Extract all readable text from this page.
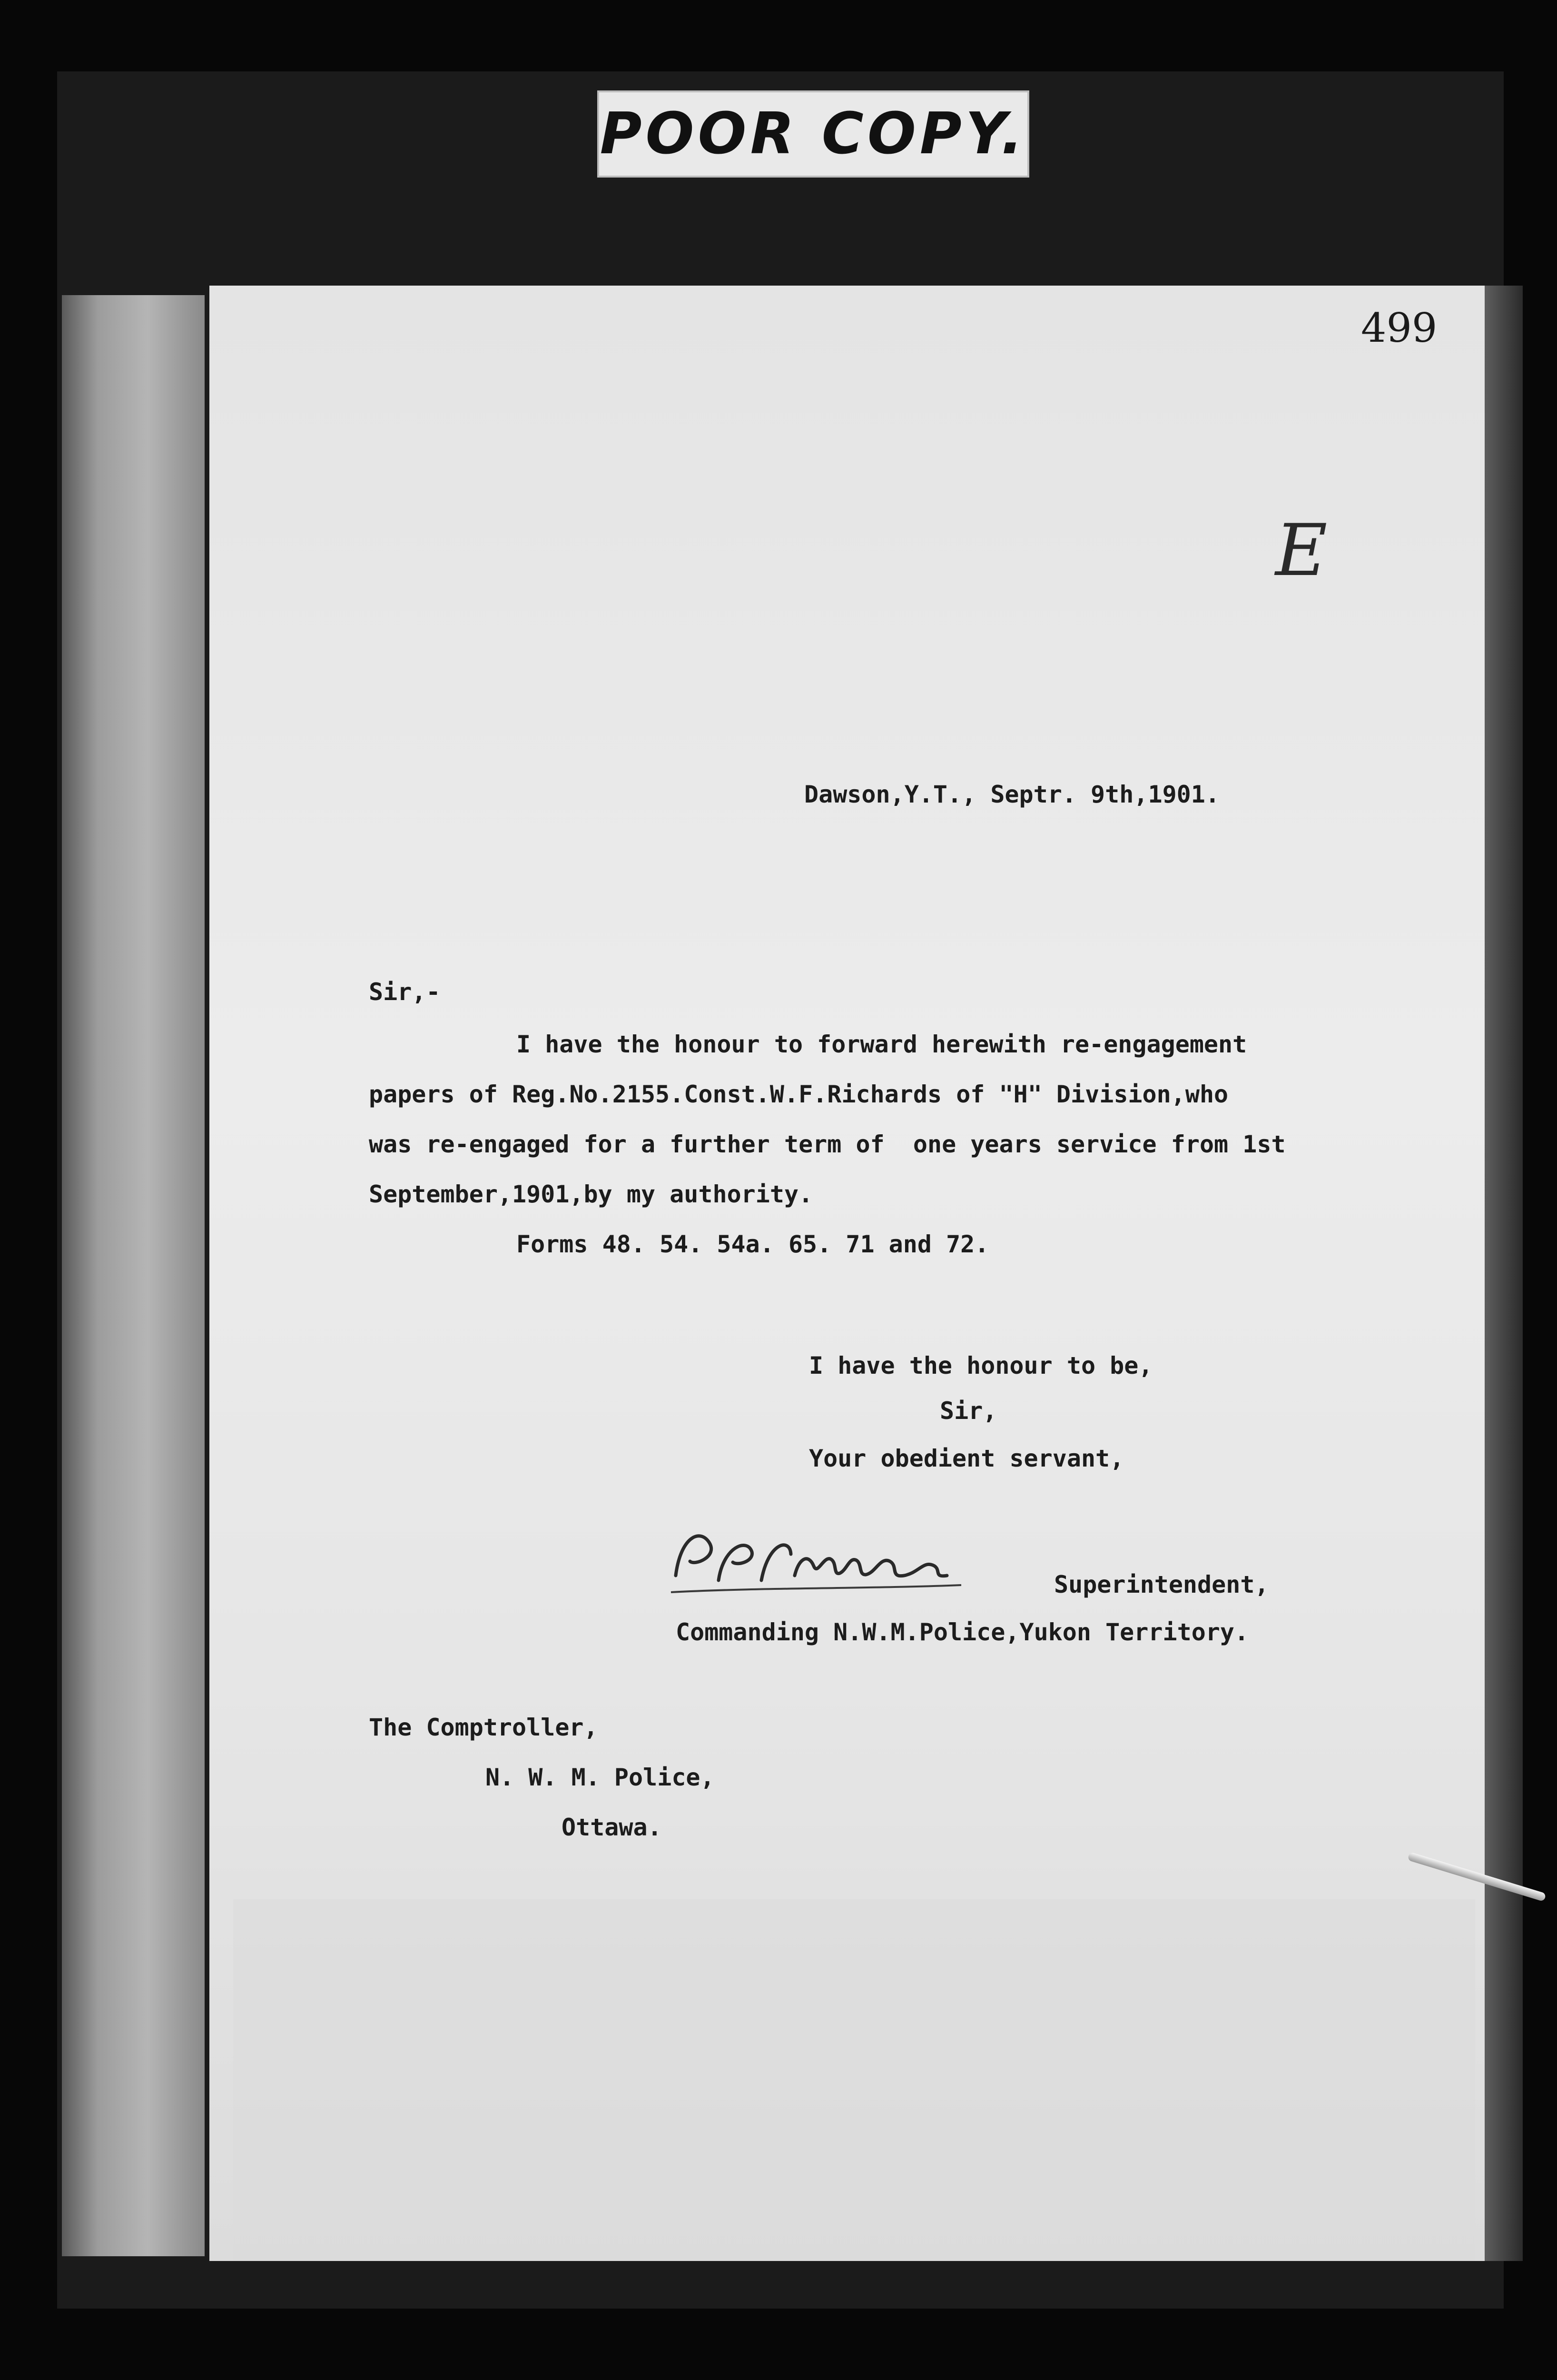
POOR COPY.
499
E
Dawson,Y.T., Septr. 9th,1901.
Sir,-
I have the honour to forward herewith re-engagement
papers of Reg.No.2155.Const.W.F.Richards of "H" Division,who
was re-engaged for a further term of  one years service from 1st
September,1901,by my authority.
Forms 48. 54. 54a. 65. 71 and 72.
I have the honour to be,
Sir,
Your obedient servant,
Superintendent,
Commanding N.W.M.Police,Yukon Territory.
The Comptroller,
N. W. M. Police,
Ottawa.
